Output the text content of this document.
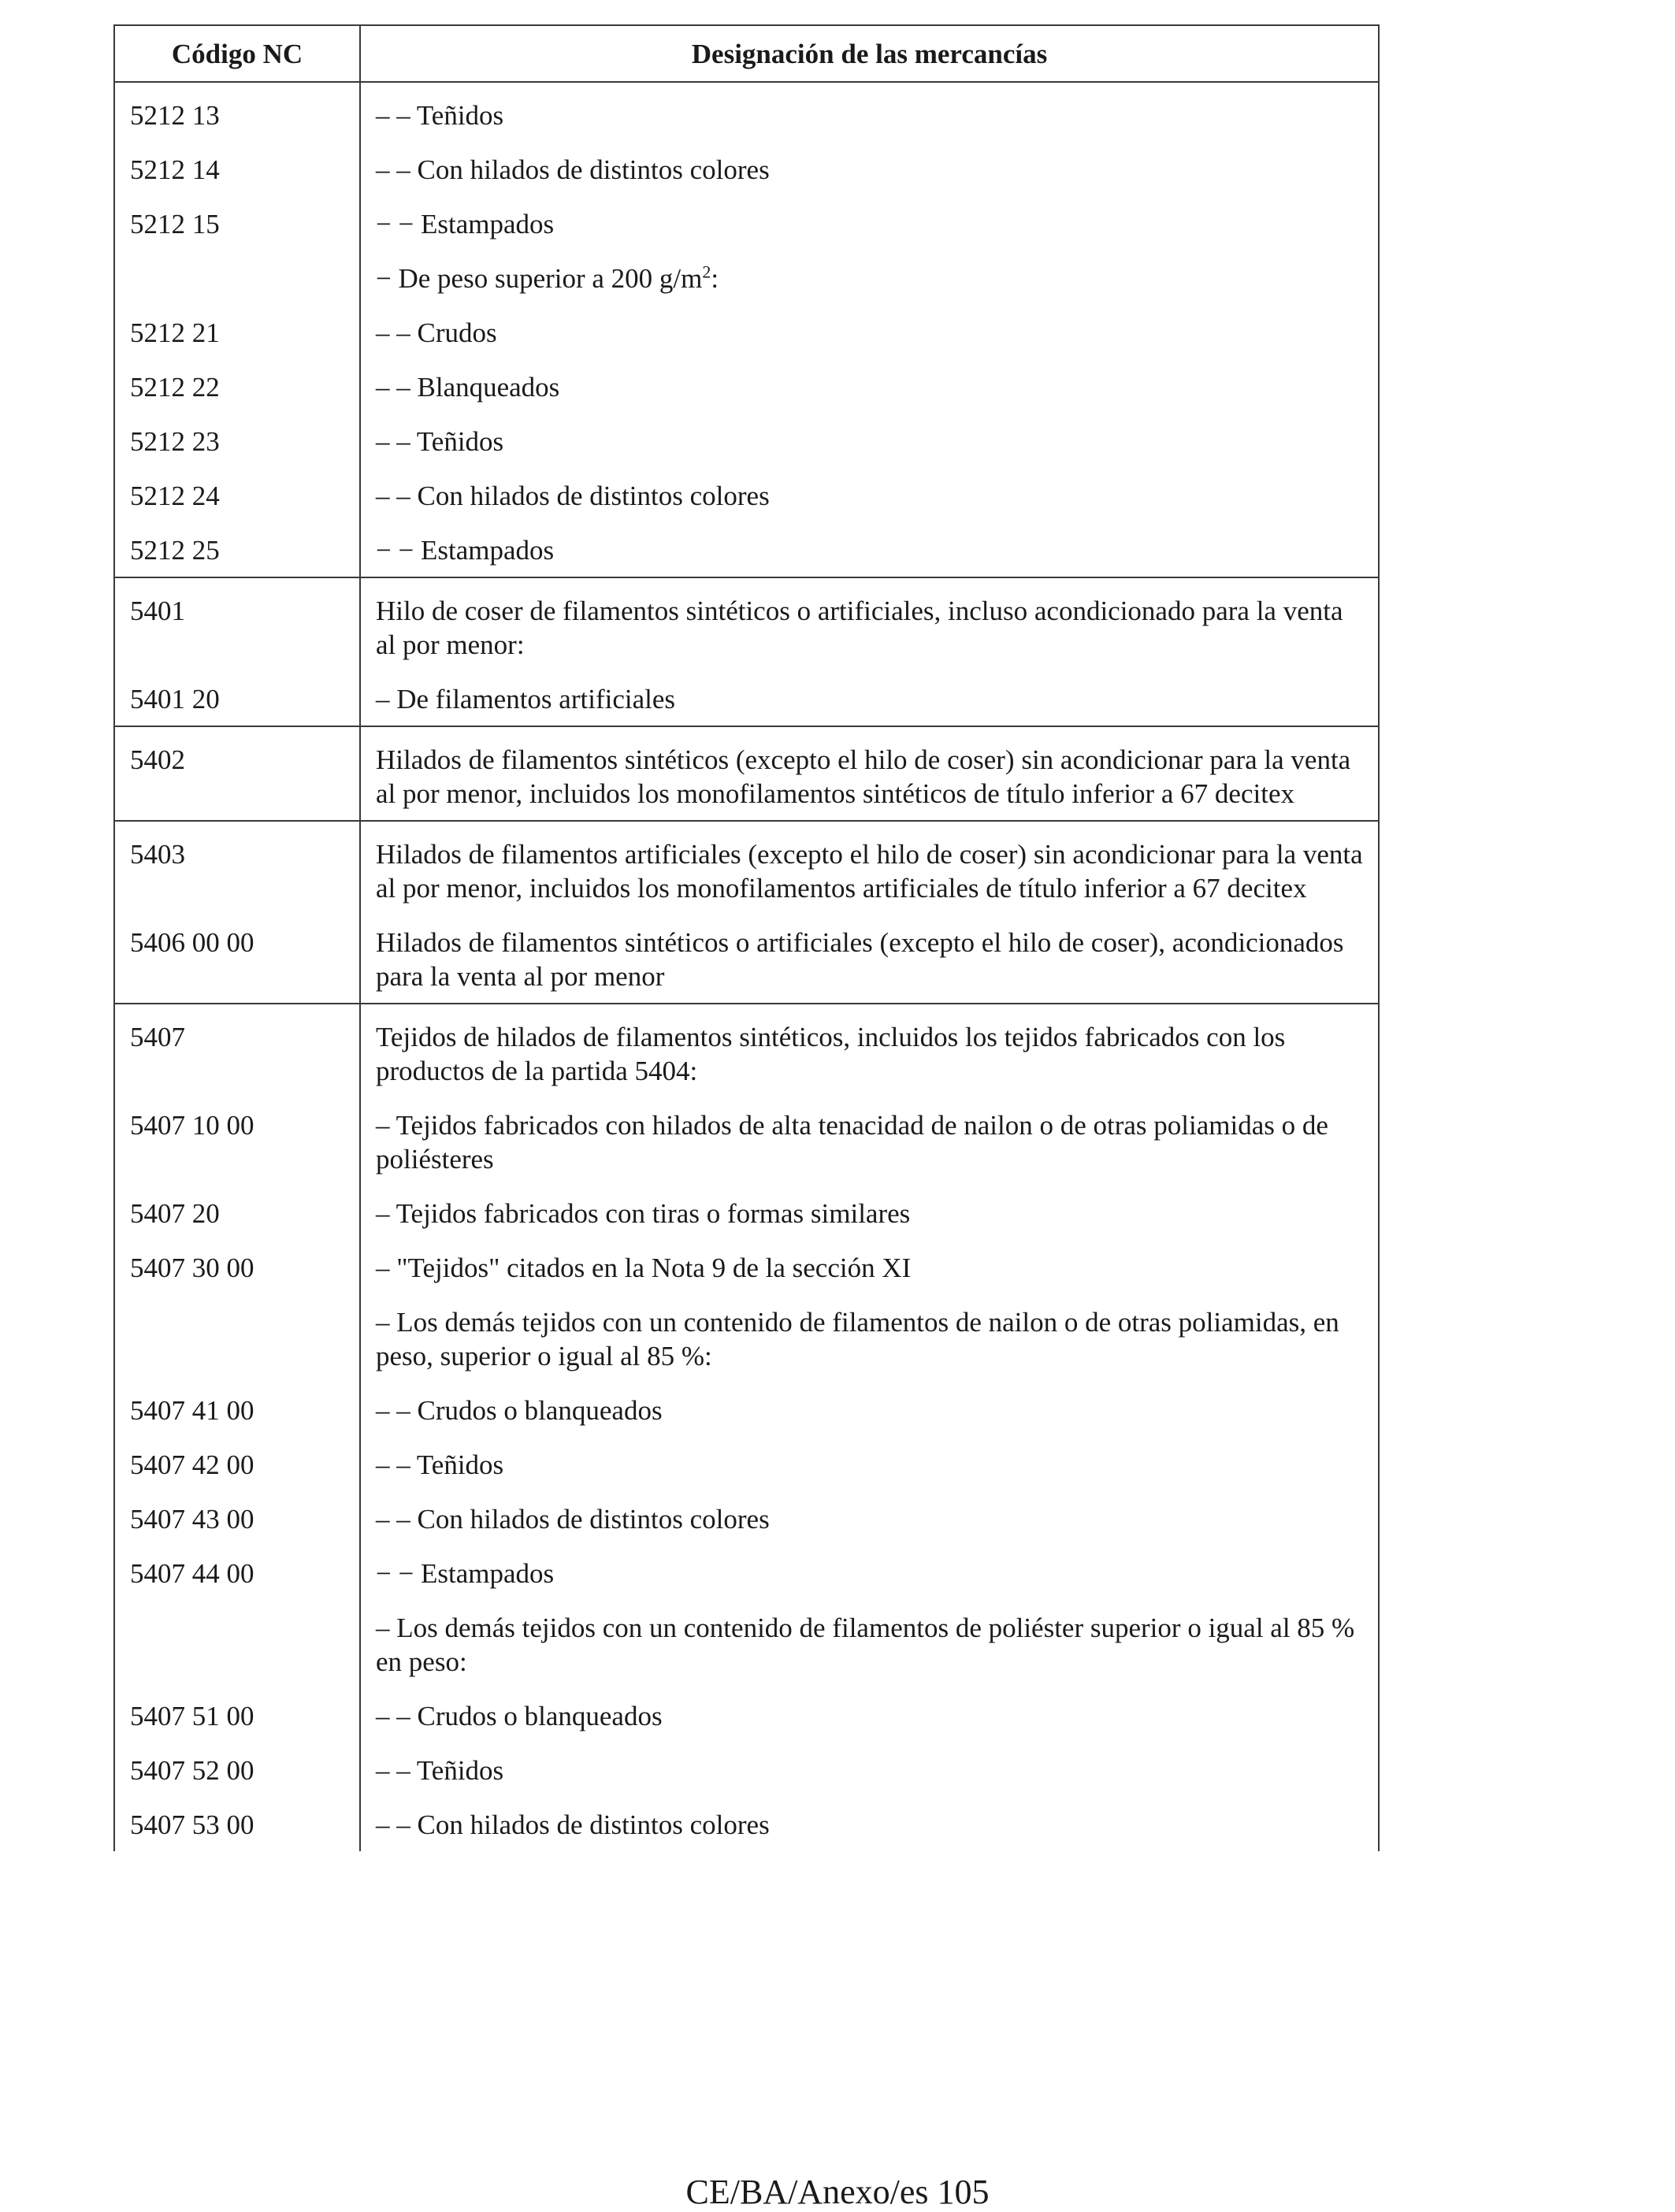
Código NC	Designación de las mercancías
5212 13	– – Teñidos
5212 14	– – Con hilados de distintos colores
5212 15	− − Estampados
	− De peso superior a 200 $g/m^2$:
5212 21	– – Crudos
5212 22	– – Blanqueados
5212 23	– – Teñidos
5212 24	– – Con hilados de distintos colores
5212 25	− − Estampados
5401	Hilo de coser de filamentos sintéticos o artificiales, incluso acondicionado para la venta al por menor:
5401 20	– De filamentos artificiales
5402	Hilados de filamentos sintéticos (excepto el hilo de coser) sin acondicionar para la venta al por menor, incluidos los monofilamentos sintéticos de título inferior a 67 decitex
5403	Hilados de filamentos artificiales (excepto el hilo de coser) sin acondicionar para la venta al por menor, incluidos los monofilamentos artificiales de título inferior a 67 decitex
5406 00 00	Hilados de filamentos sintéticos o artificiales (excepto el hilo de coser), acondicionados para la venta al por menor
5407	Tejidos de hilados de filamentos sintéticos, incluidos los tejidos fabricados con los productos de la partida 5404:
5407 10 00	– Tejidos fabricados con hilados de alta tenacidad de nailon o de otras poliamidas o de poliésteres
5407 20	– Tejidos fabricados con tiras o formas similares
5407 30 00	– "Tejidos" citados en la Nota 9 de la sección XI
	– Los demás tejidos con un contenido de filamentos de nailon o de otras poliamidas, en peso, superior o igual al 85 %:
5407 41 00	– – Crudos o blanqueados
5407 42 00	– – Teñidos
5407 43 00	– – Con hilados de distintos colores
5407 44 00	− − Estampados
	– Los demás tejidos con un contenido de filamentos de poliéster superior o igual al 85 % en peso:
5407 51 00	– – Crudos o blanqueados
5407 52 00	– – Teñidos
5407 53 00	– – Con hilados de distintos colores
CE/BA/Anexo/es 105
